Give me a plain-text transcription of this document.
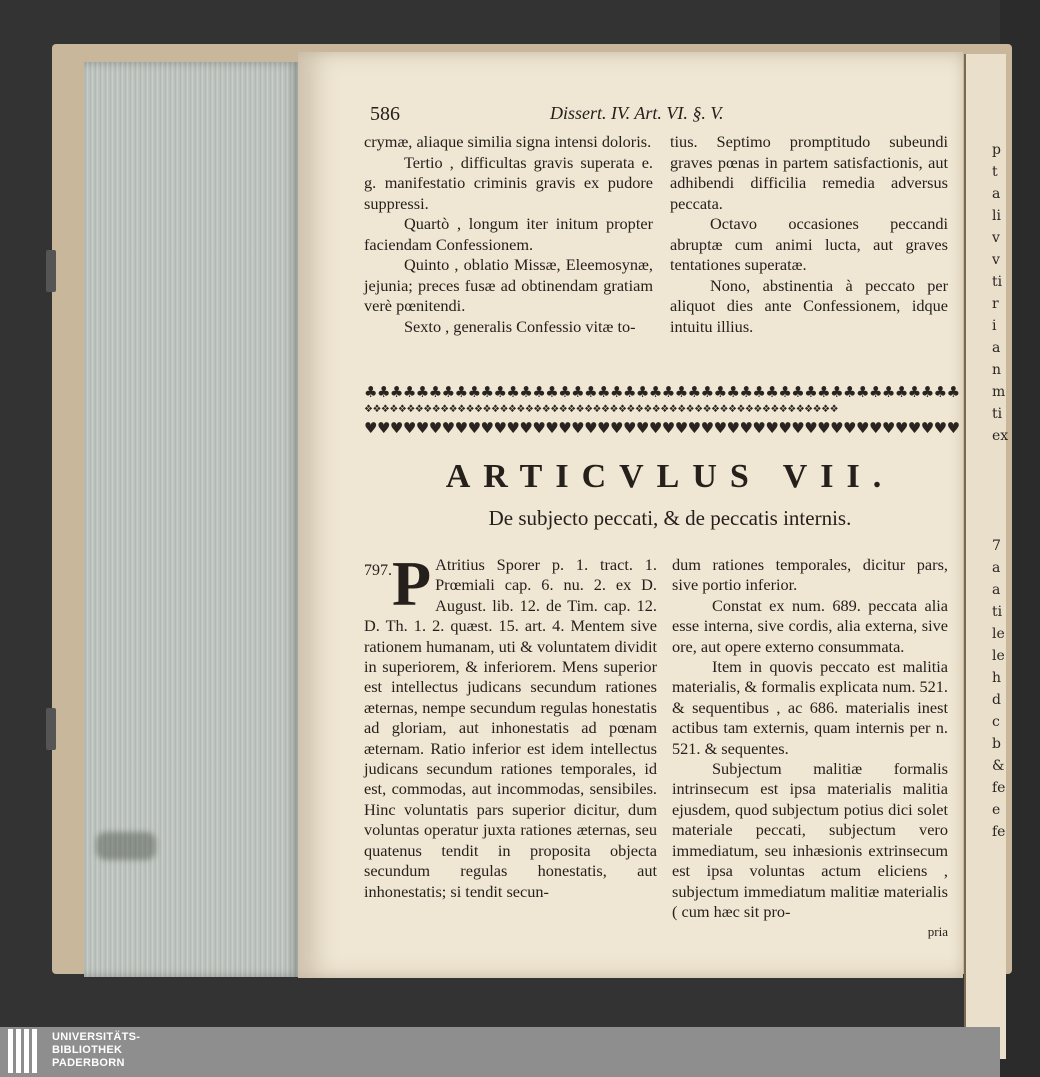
p
t
a
li
v
v
ti
r
i
a
n
m
ti
ex

7
a
a
ti
le
le
h
d
c
b
&
fe
e
fe
586	Dissert. IV. Art. VI. §. V.

crymæ, aliaque similia signa intensi doloris.

Tertio , difficultas gravis superata e. g. manifestatio criminis gravis ex pudore suppressi.

Quartò , longum iter initum propter faciendam Confessionem.

Quinto , oblatio Missæ, Eleemosynæ, jejunia; preces fusæ ad obtinendam gratiam verè pœnitendi.

Sexto , generalis Confessio vitæ to-

tius. Septimo promptitudo subeundi graves pœnas in partem satisfactionis, aut adhibendi difficilia remedia adversus peccata.

Octavo occasiones peccandi abruptæ cum animi lucta, aut graves tentationes superatæ.

Nono, abstinentia à peccato per aliquot dies ante Confessionem, idque intuitu illius.

♣♣♣♣♣♣♣♣♣♣♣♣♣♣♣♣♣♣♣♣♣♣♣♣♣♣♣♣♣♣♣♣♣♣♣♣♣♣♣♣♣♣♣♣♣♣
❖❖❖❖❖❖❖❖❖❖❖❖❖❖❖❖❖❖❖❖❖❖❖❖❖❖❖❖❖❖❖❖❖❖❖❖❖❖❖❖❖❖❖❖❖❖❖❖❖❖❖❖❖❖❖❖
♥♥♥♥♥♥♥♥♥♥♥♥♥♥♥♥♥♥♥♥♥♥♥♥♥♥♥♥♥♥♥♥♥♥♥♥♥♥♥♥♥♥♥♥♥♥
ARTICVLUS VII.
De subjecto peccati, & de peccatis internis.
797. P Atritius Sporer p. 1. tract. 1. Prœmiali cap. 6. nu. 2. ex D. August. lib. 12. de Tim. cap. 12. D. Th. 1. 2. quæst. 15. art. 4. Mentem sive rationem humanam, uti & voluntatem dividit in superiorem, & inferiorem. Mens superior est intellectus judicans secundum rationes æternas, nempe secundum regulas honestatis ad gloriam, aut inhonestatis ad pœnam æternam. Ratio inferior est idem intellectus judicans secundum rationes temporales, id est, commodas, aut incommodas, sensibiles. Hinc voluntatis pars superior dicitur, dum voluntas operatur juxta rationes æternas, seu quatenus tendit in proposita objecta secundum regulas honestatis, aut inhonestatis; si tendit secun-

dum rationes temporales, dicitur pars, sive portio inferior.

Constat ex num. 689. peccata alia esse interna, sive cordis, alia externa, sive ore, aut opere externo consummata.

Item in quovis peccato est malitia materialis, & formalis explicata num. 521. & sequentibus , ac 686. materialis inest actibus tam externis, quam internis per n. 521. & sequentes.

Subjectum malitiæ formalis intrinsecum est ipsa materialis malitia ejusdem, quod subjectum potius dici solet materiale peccati, subjectum vero immediatum, seu inhæsionis extrinsecum est ipsa voluntas actum eliciens , subjectum immediatum malitiæ materialis ( cum hæc sit pro-

pria

UNIVERSITÄTS-
BIBLIOTHEK
PADERBORN
